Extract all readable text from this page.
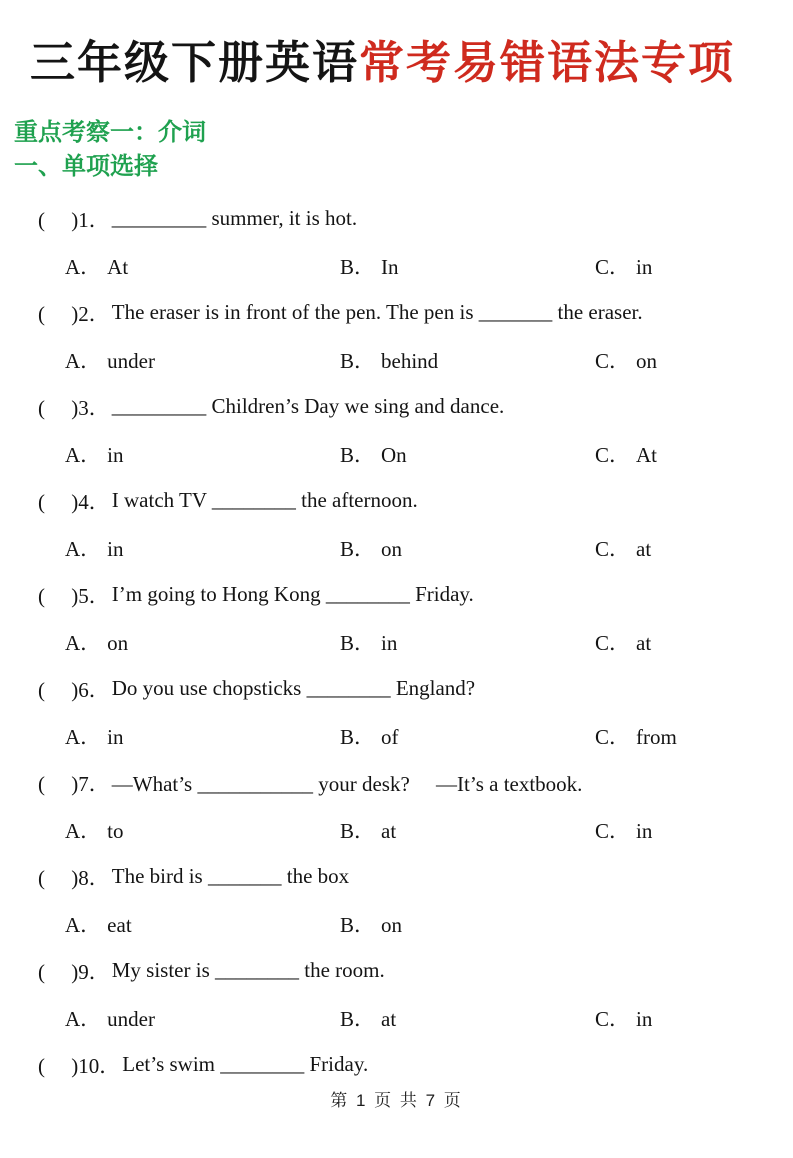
三年级下册英语常考易错语法专项
重点考察一：介词
一、单项选择
(　 ) 1． _________ summer, it is hot.
A． At	B． In	C． in
(　 ) 2． The eraser is in front of the pen. The pen is _______ the eraser.
A． under	B． behind	C． on
(　 ) 3． _________ Children’s Day we sing and dance.
A． in	B． On	C． At
(　 ) 4． I watch TV ________ the afternoon.
A． in	B． on	C． at
(　 ) 5． I’m going to Hong Kong ________ Friday.
A． on	B． in	C． at
(　 ) 6． Do you use chopsticks ________ England?
A． in	B． of	C． from
(　 ) 7． —What’s ___________ your desk?　 —It’s a textbook.
A． to	B． at	C． in
(　 ) 8． The bird is _______ the box
A． eat	B． on
(　 ) 9． My sister is ________ the room.
A． under	B． at	C． in
(　 ) 10． Let’s swim ________ Friday.
第 1 页 共 7 页
